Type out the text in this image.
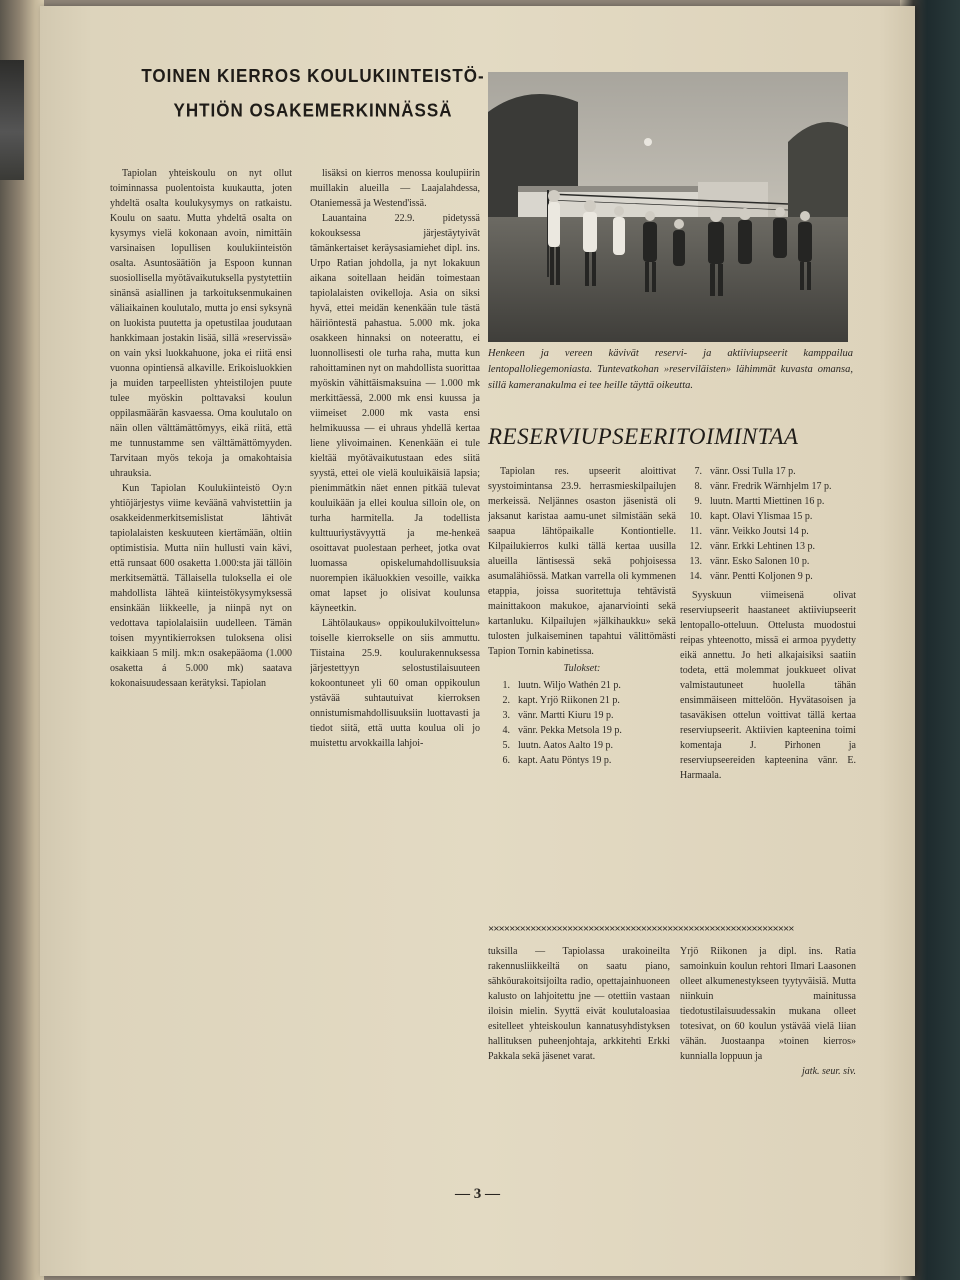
TOINEN KIERROS KOULUKIINTEISTÖ-
YHTIÖN OSAKEMERKINNÄSSÄ
Henkeen ja vereen kävivät reservi- ja aktiiviupseerit kamppailua lentopalloliegemoniasta. Tuntevatkohan »reserviläisten» lähimmät kuvasta omansa, sillä kameranakulma ei tee heille täyttä oikeutta.
RESERVIUPSEERITOIMINTAA

Tapiolan yhteiskoulu on nyt ollut toiminnassa puolentoista kuukautta, joten yhdeltä osalta koulukysymys on ratkaistu. Koulu on saatu. Mutta yhdeltä osalta on kysymys vielä kokonaan avoin, nimittäin varsinaisen lopullisen koulukiinteistön osalta. Asuntosäätiön ja Espoon kunnan suosiollisella myötävaikutuksella pystytettiin sinänsä asiallinen ja tarkoituksenmukainen väliaikainen koulutalo, mutta jo ensi syksynä on luokista puutetta ja opetustilaa joudutaan hankkimaan jostakin lisää, sillä »reservissä» on vain yksi luokkahuone, joka ei riitä ensi vuonna opintiensä alkaville. Erikoisluokkien ja muiden tarpeellisten yhteistilojen puute tulee myöskin polttavaksi koulun oppilasmäärän kasvaessa. Oma koulutalo on näin ollen välttämättömyys, eikä riitä, että me tunnustamme sen välttämättömyyden. Tarvitaan myös tekoja ja omakohtaisia uhrauksia.

Kun Tapiolan Koulukiinteistö Oy:n yhtiöjärjestys viime keväänä vahvistettiin ja osakkeidenmerkitsemislistat lähtivät tapiolalaisten keskuuteen kiertämään, oltiin optimistisia. Mutta niin hullusti vain kävi, että runsaat 600 osaketta 1.000:sta jäi tällöin merkitsemättä. Tällaisella tuloksella ei ole mahdollista lähteä kiinteistökysymyksessä ensinkään liikkeelle, ja niinpä nyt on vedottava tapiolalaisiin uudelleen. Tämän toisen myyntikierroksen tuloksena olisi kaikkiaan 5 milj. mk:n osakepääoma (1.000 osaketta á 5.000 mk) saatava kokonaisuudessaan kerätyksi. Tapiolan

lisäksi on kierros menossa koulupiirin muillakin alueilla — Laajalahdessa, Otaniemessä ja Westend'issä.

Lauantaina 22.9. pidetyssä kokouksessa järjestäytyivät tämänkertaiset keräysasiamiehet dipl. ins. Urpo Ratian johdolla, ja nyt lokakuun aikana soitellaan heidän toimestaan tapiolalaisten ovikelloja. Asia on siksi hyvä, ettei meidän kenenkään tule tästä häiriöntestä pahastua. 5.000 mk. joka osakkeen hinnaksi on noteerattu, ei luonnollisesti ole turha raha, mutta kun rahoittaminen nyt on mahdollista suorittaa myöskin vähittäismaksuina — 1.000 mk merkittäessä, 2.000 mk ensi kuussa ja viimeiset 2.000 mk vasta ensi helmikuussa — ei uhraus yhdellä kertaa liene ylivoimainen. Kenenkään ei tule kieltää myötävaikutustaan edes siitä syystä, ettei ole vielä kouluikäisiä lapsia; pienimmätkin näet ennen pitkää tulevat kouluikään ja ellei koulua silloin ole, on turha harmitella. Ja todellista kulttuuriystävyyttä ja me-henkeä osoittavat puolestaan perheet, jotka ovat luomassa opiskelumahdollisuuksia nuorempien ikäluokkien vesoille, vaikka omat lapset jo olisivat koulunsa käyneetkin.

Lähtölaukaus» oppikoulukilvoittelun» toiselle kierrokselle on siis ammuttu. Tiistaina 25.9. koulurakennuksessa järjestettyyn selostustilaisuuteen kokoontuneet yli 60 oman oppikoulun ystävää suhtautuivat kierroksen onnistumismahdollisuuksiin luottavasti ja tiedot siitä, että uutta koulua oli jo muistettu arvokkailla lahjoi-

Tapiolan res. upseerit aloittivat syystoimintansa 23.9. herrasmieskilpailujen merkeissä. Neljännes osaston jäsenistä oli jaksanut karistaa aamu-unet silmistään sekä saapua lähtöpaikalle Kontiontielle. Kilpailukierros kulki tällä kertaa uusilla alueilla läntisessä sekä pohjoisessa asumalähiössä. Matkan varrella oli kymmenen etappia, joissa suoritettuja tehtävistä mainittakoon makukoe, ajanarviointi sekä kartanluku. Kilpailujen »jälkihaukku» sekä tulosten julkaiseminen tapahtui välittömästi Tapion Tornin kabinetissa.

Tulokset:
1. luutn. Wiljo Wathén 21 p.
2. kapt. Yrjö Riikonen 21 p.
3. vänr. Martti Kiuru 19 p.
4. vänr. Pekka Metsola 19 p.
5. luutn. Aatos Aalto 19 p.
6. kapt. Aatu Pöntys 19 p.
7. vänr. Ossi Tulla 17 p.
8. vänr. Fredrik Wärnhjelm 17 p.
9. luutn. Martti Miettinen 16 p.
10. kapt. Olavi Ylismaa 15 p.
11. vänr. Veikko Joutsi 14 p.
12. vänr. Erkki Lehtinen 13 p.
13. vänr. Esko Salonen 10 p.
14. vänr. Pentti Koljonen 9 p.

Syyskuun viimeisenä olivat reserviupseerit haastaneet aktiiviupseerit lentopallo-otteluun. Ottelusta muodostui reipas yhteenotto, missä ei armoa pyydetty eikä annettu. Jo heti alkajaisiksi saatiin todeta, että molemmat joukkueet olivat valmistautuneet huolella tähän ensimmäiseen mittelöön. Hyvätasoisen ja tasaväkisen ottelun voittivat tällä kertaa reserviupseerit. Aktiivien kapteenina toimi komentaja J. Pirhonen ja reserviupseereiden kapteenina vänr. E. Harmaala.

××××××××××××××××××××××××××××××××××××××××××××××××××××××××××

tuksilla — Tapiolassa urakoineilta rakennusliikkeiltä on saatu piano, sähköurakoitsijoilta radio, opettajainhuoneen kalusto on lahjoitettu jne — otettiin vastaan iloisin mielin. Syyttä eivät koulutaloasiaa esitelleet yhteiskoulun kannatusyhdistyksen hallituksen puheenjohtaja, arkkitehti Erkki Pakkala sekä jäsenet varat.

Yrjö Riikonen ja dipl. ins. Ratia samoinkuin koulun rehtori Ilmari Laasonen olleet alkumenestykseen tyytyväisiä. Mutta niinkuin mainitussa tiedotustilaisuudessakin mukana olleet totesivat, on 60 koulun ystävää vielä liian vähän. Juostaanpa »toinen kierros» kunnialla loppuun ja

jatk. seur. siv.
— 3 —
